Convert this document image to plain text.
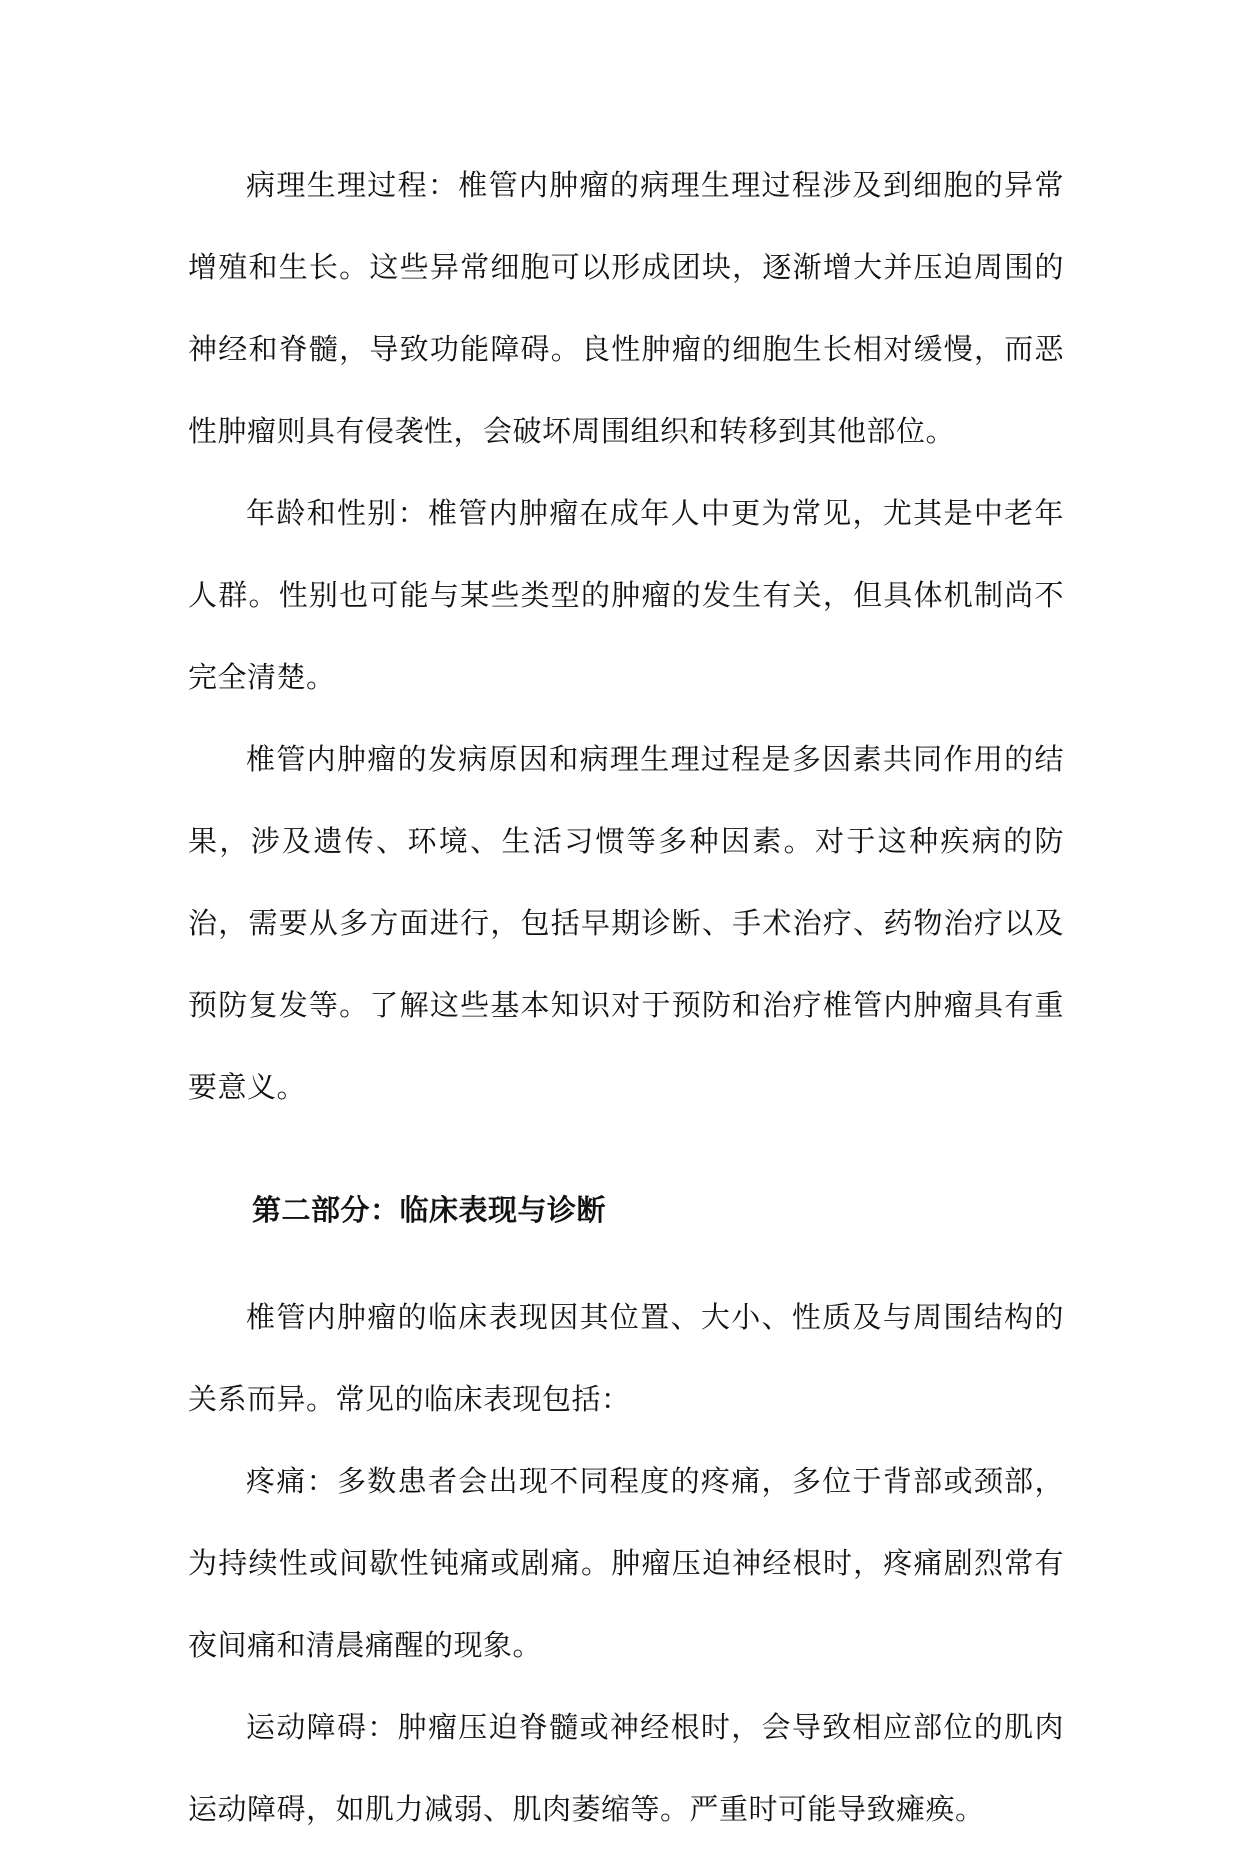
病理生理过程：椎管内肿瘤的病理生理过程涉及到细胞的异常增殖和生长。这些异常细胞可以形成团块，逐渐增大并压迫周围的神经和脊髓，导致功能障碍。良性肿瘤的细胞生长相对缓慢，而恶性肿瘤则具有侵袭性，会破坏周围组织和转移到其他部位。

年龄和性别：椎管内肿瘤在成年人中更为常见，尤其是中老年人群。性别也可能与某些类型的肿瘤的发生有关，但具体机制尚不完全清楚。

椎管内肿瘤的发病原因和病理生理过程是多因素共同作用的结果，涉及遗传、环境、生活习惯等多种因素。对于这种疾病的防治，需要从多方面进行，包括早期诊断、手术治疗、药物治疗以及预防复发等。了解这些基本知识对于预防和治疗椎管内肿瘤具有重要意义。

第二部分：临床表现与诊断

椎管内肿瘤的临床表现因其位置、大小、性质及与周围结构的关系而异。常见的临床表现包括：

疼痛：多数患者会出现不同程度的疼痛，多位于背部或颈部，为持续性或间歇性钝痛或剧痛。肿瘤压迫神经根时，疼痛剧烈常有夜间痛和清晨痛醒的现象。

运动障碍：肿瘤压迫脊髓或神经根时，会导致相应部位的肌肉运动障碍，如肌力减弱、肌肉萎缩等。严重时可能导致瘫痪。
